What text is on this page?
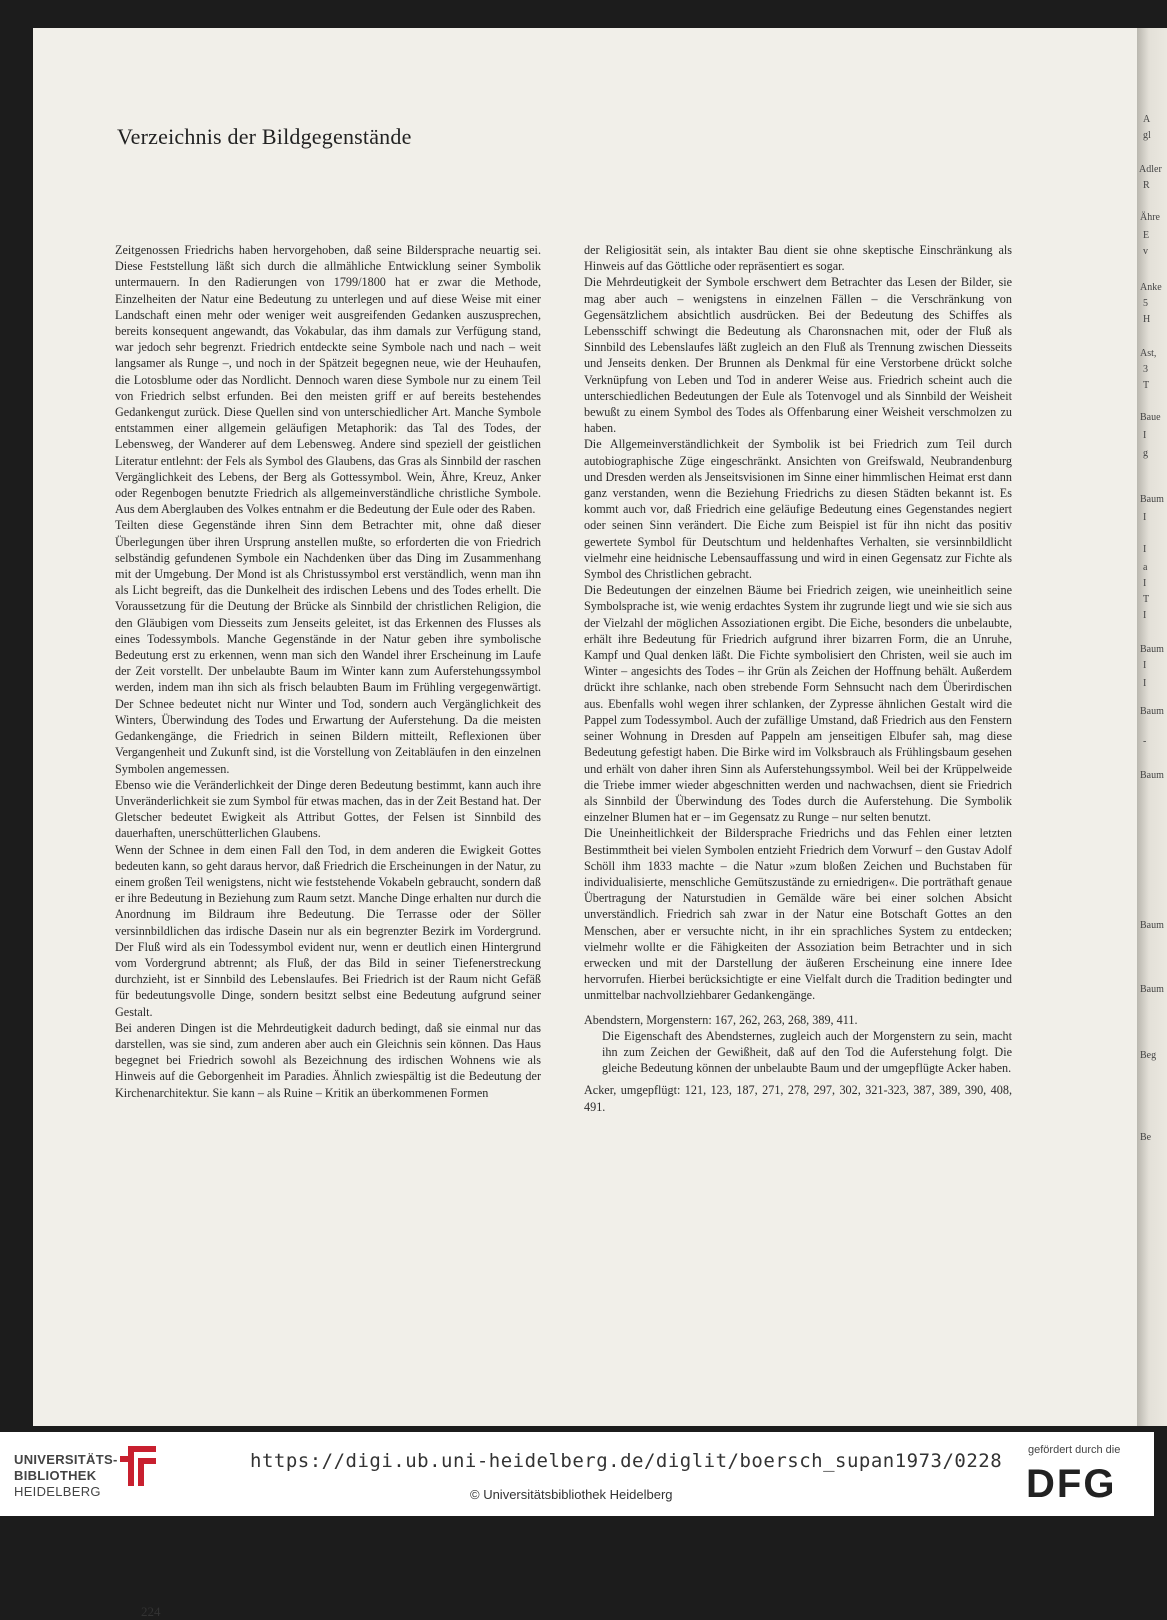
Verzeichnis der Bildgegenstände

Zeitgenossen Friedrichs haben hervorgehoben, daß seine Bildersprache neuartig sei. Diese Feststellung läßt sich durch die allmähliche Entwicklung seiner Symbolik untermauern. In den Radierungen von 1799/1800 hat er zwar die Methode, Einzelheiten der Natur eine Bedeutung zu unterlegen und auf diese Weise mit einer Landschaft einen mehr oder weniger weit ausgreifenden Gedanken auszusprechen, bereits konsequent angewandt, das Vokabular, das ihm damals zur Verfügung stand, war jedoch sehr begrenzt. Friedrich entdeckte seine Symbole nach und nach – weit langsamer als Runge –, und noch in der Spätzeit begegnen neue, wie der Heuhaufen, die Lotosblume oder das Nordlicht. Dennoch waren diese Symbole nur zu einem Teil von Friedrich selbst erfunden. Bei den meisten griff er auf bereits bestehendes Gedankengut zurück. Diese Quellen sind von unterschiedlicher Art. Manche Symbole entstammen einer allgemein geläufigen Metaphorik: das Tal des Todes, der Lebensweg, der Wanderer auf dem Lebensweg. Andere sind speziell der geistlichen Literatur entlehnt: der Fels als Symbol des Glaubens, das Gras als Sinnbild der raschen Vergänglichkeit des Lebens, der Berg als Gottessymbol. Wein, Ähre, Kreuz, Anker oder Regenbogen benutzte Friedrich als allgemeinverständliche christliche Symbole. Aus dem Aberglauben des Volkes entnahm er die Bedeutung der Eule oder des Raben.

Teilten diese Gegenstände ihren Sinn dem Betrachter mit, ohne daß dieser Überlegungen über ihren Ursprung anstellen mußte, so erforderten die von Friedrich selbständig gefundenen Symbole ein Nachdenken über das Ding im Zusammenhang mit der Umgebung. Der Mond ist als Christussymbol erst verständlich, wenn man ihn als Licht begreift, das die Dunkelheit des irdischen Lebens und des Todes erhellt. Die Voraussetzung für die Deutung der Brücke als Sinnbild der christlichen Religion, die den Gläubigen vom Diesseits zum Jenseits geleitet, ist das Erkennen des Flusses als eines Todessymbols. Manche Gegenstände in der Natur geben ihre symbolische Bedeutung erst zu erkennen, wenn man sich den Wandel ihrer Erscheinung im Laufe der Zeit vorstellt. Der unbelaubte Baum im Winter kann zum Auferstehungssymbol werden, indem man ihn sich als frisch belaubten Baum im Frühling vergegenwärtigt. Der Schnee bedeutet nicht nur Winter und Tod, sondern auch Vergänglichkeit des Winters, Überwindung des Todes und Erwartung der Auferstehung. Da die meisten Gedankengänge, die Friedrich in seinen Bildern mitteilt, Reflexionen über Vergangenheit und Zukunft sind, ist die Vorstellung von Zeitabläufen in den einzelnen Symbolen angemessen.

Ebenso wie die Veränderlichkeit der Dinge deren Bedeutung bestimmt, kann auch ihre Unveränderlichkeit sie zum Symbol für etwas machen, das in der Zeit Bestand hat. Der Gletscher bedeutet Ewigkeit als Attribut Gottes, der Felsen ist Sinnbild des dauerhaften, unerschütterlichen Glaubens.

Wenn der Schnee in dem einen Fall den Tod, in dem anderen die Ewigkeit Gottes bedeuten kann, so geht daraus hervor, daß Friedrich die Erscheinungen in der Natur, zu einem großen Teil wenigstens, nicht wie feststehende Vokabeln gebraucht, sondern daß er ihre Bedeutung in Beziehung zum Raum setzt. Manche Dinge erhalten nur durch die Anordnung im Bildraum ihre Bedeutung. Die Terrasse oder der Söller versinnbildlichen das irdische Dasein nur als ein begrenzter Bezirk im Vordergrund. Der Fluß wird als ein Todessymbol evident nur, wenn er deutlich einen Hintergrund vom Vordergrund abtrennt; als Fluß, der das Bild in seiner Tiefenerstreckung durchzieht, ist er Sinnbild des Lebenslaufes. Bei Friedrich ist der Raum nicht Gefäß für bedeutungsvolle Dinge, sondern besitzt selbst eine Bedeutung aufgrund seiner Gestalt.

Bei anderen Dingen ist die Mehrdeutigkeit dadurch bedingt, daß sie einmal nur das darstellen, was sie sind, zum anderen aber auch ein Gleichnis sein können. Das Haus begegnet bei Friedrich sowohl als Bezeichnung des irdischen Wohnens wie als Hinweis auf die Geborgenheit im Paradies. Ähnlich zwiespältig ist die Bedeutung der Kirchenarchitektur. Sie kann – als Ruine – Kritik an überkommenen Formen

der Religiosität sein, als intakter Bau dient sie ohne skeptische Einschränkung als Hinweis auf das Göttliche oder repräsentiert es sogar.

Die Mehrdeutigkeit der Symbole erschwert dem Betrachter das Lesen der Bilder, sie mag aber auch – wenigstens in einzelnen Fällen – die Verschränkung von Gegensätzlichem absichtlich ausdrücken. Bei der Bedeutung des Schiffes als Lebensschiff schwingt die Bedeutung als Charonsnachen mit, oder der Fluß als Sinnbild des Lebenslaufes läßt zugleich an den Fluß als Trennung zwischen Diesseits und Jenseits denken. Der Brunnen als Denkmal für eine Verstorbene drückt solche Verknüpfung von Leben und Tod in anderer Weise aus. Friedrich scheint auch die unterschiedlichen Bedeutungen der Eule als Totenvogel und als Sinnbild der Weisheit bewußt zu einem Symbol des Todes als Offenbarung einer Weisheit verschmolzen zu haben.

Die Allgemeinverständlichkeit der Symbolik ist bei Friedrich zum Teil durch autobiographische Züge eingeschränkt. Ansichten von Greifswald, Neubrandenburg und Dresden werden als Jenseitsvisionen im Sinne einer himmlischen Heimat erst dann ganz verstanden, wenn die Beziehung Friedrichs zu diesen Städten bekannt ist. Es kommt auch vor, daß Friedrich eine geläufige Bedeutung eines Gegenstandes negiert oder seinen Sinn verändert. Die Eiche zum Beispiel ist für ihn nicht das positiv gewertete Symbol für Deutschtum und heldenhaftes Verhalten, sie versinnbildlicht vielmehr eine heidnische Lebensauffassung und wird in einen Gegensatz zur Fichte als Symbol des Christlichen gebracht.

Die Bedeutungen der einzelnen Bäume bei Friedrich zeigen, wie uneinheitlich seine Symbolsprache ist, wie wenig erdachtes System ihr zugrunde liegt und wie sie sich aus der Vielzahl der möglichen Assoziationen ergibt. Die Eiche, besonders die unbelaubte, erhält ihre Bedeutung für Friedrich aufgrund ihrer bizarren Form, die an Unruhe, Kampf und Qual denken läßt. Die Fichte symbolisiert den Christen, weil sie auch im Winter – angesichts des Todes – ihr Grün als Zeichen der Hoffnung behält. Außerdem drückt ihre schlanke, nach oben strebende Form Sehnsucht nach dem Überirdischen aus. Ebenfalls wohl wegen ihrer schlanken, der Zypresse ähnlichen Gestalt wird die Pappel zum Todessymbol. Auch der zufällige Umstand, daß Friedrich aus den Fenstern seiner Wohnung in Dresden auf Pappeln am jenseitigen Elbufer sah, mag diese Bedeutung gefestigt haben. Die Birke wird im Volksbrauch als Frühlingsbaum gesehen und erhält von daher ihren Sinn als Auferstehungssymbol. Weil bei der Krüppelweide die Triebe immer wieder abgeschnitten werden und nachwachsen, dient sie Friedrich als Sinnbild der Überwindung des Todes durch die Auferstehung. Die Symbolik einzelner Blumen hat er – im Gegensatz zu Runge – nur selten benutzt.

Die Uneinheitlichkeit der Bildersprache Friedrichs und das Fehlen einer letzten Bestimmtheit bei vielen Symbolen entzieht Friedrich dem Vorwurf – den Gustav Adolf Schöll ihm 1833 machte – die Natur »zum bloßen Zeichen und Buchstaben für individualisierte, menschliche Gemütszustände zu erniedrigen«. Die porträthaft genaue Übertragung der Naturstudien in Gemälde wäre bei einer solchen Absicht unverständlich. Friedrich sah zwar in der Natur eine Botschaft Gottes an den Menschen, aber er versuchte nicht, in ihr ein sprachliches System zu entdecken; vielmehr wollte er die Fähigkeiten der Assoziation beim Betrachter und in sich erwecken und mit der Darstellung der äußeren Erscheinung eine innere Idee hervorrufen. Hierbei berücksichtigte er eine Vielfalt durch die Tradition bedingter und unmittelbar nachvollziehbarer Gedankengänge.

Abendstern, Morgenstern: 167, 262, 263, 268, 389, 411.
Die Eigenschaft des Abendsternes, zugleich auch der Morgenstern zu sein, macht ihn zum Zeichen der Gewißheit, daß auf den Tod die Auferstehung folgt. Die gleiche Bedeutung können der unbelaubte Baum und der umgepflügte Acker haben.
Acker, umgepflügt: 121, 123, 187, 271, 278, 297, 302, 321-323, 387, 389, 390, 408, 491.
224
A
gl
Adler
R
Ähre
E
v
Anke
5
H
Ast,
3
T
Baue
I
g
Baum
I
I
a
I
T
I
Baum
I
I
Baum
-
Baum
Baum
Baum
Beg
Be
UNIVERSITÄTS-
BIBLIOTHEK
HEIDELBERG
https://digi.ub.uni-heidelberg.de/diglit/boersch_supan1973/0228
© Universitätsbibliothek Heidelberg
gefördert durch die
DFG
